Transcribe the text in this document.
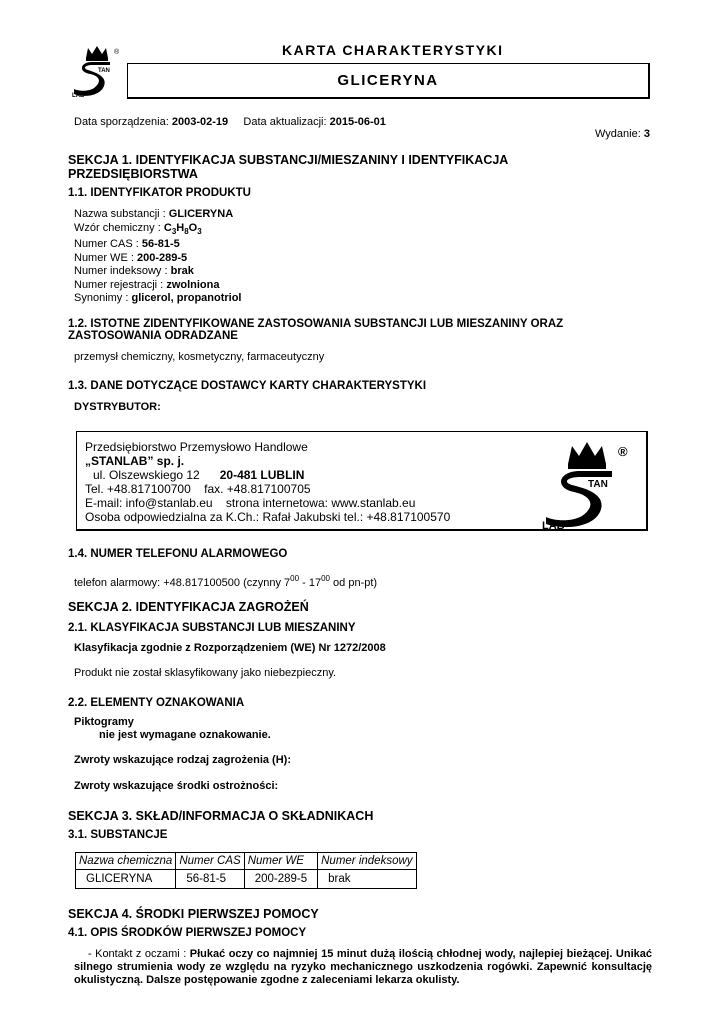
®
TAN
LAB
KARTA CHARAKTERYSTYKI
GLICERYNA
Data sporządzenia: 2003-02-19 Data aktualizacji: 2015-06-01
Wydanie: 3
SEKCJA 1. IDENTYFIKACJA SUBSTANCJI/MIESZANINY I IDENTYFIKACJA
PRZEDSIĘBIORSTWA
1.1. IDENTYFIKATOR PRODUKTU
Nazwa substancji : GLICERYNA
Wzór chemiczny : $C_3H_8O_3$
Numer CAS : 56-81-5
Numer WE : 200-289-5
Numer indeksowy : brak
Numer rejestracji : zwolniona
Synonimy : glicerol, propanotriol
1.2. ISTOTNE ZIDENTYFIKOWANE ZASTOSOWANIA SUBSTANCJI LUB MIESZANINY ORAZ
ZASTOSOWANIA ODRADZANE
przemysł chemiczny, kosmetyczny, farmaceutyczny
1.3. DANE DOTYCZĄCE DOSTAWCY KARTY CHARAKTERYSTYKI
DYSTRYBUTOR:
Przedsiębiorstwo Przemysłowo Handlowe
„STANLAB” sp. j.
ul. Olszewskiego 12 20-481 LUBLIN
Tel. +48.817100700 fax. +48.817100705
E-mail: info@stanlab.eu strona internetowa: www.stanlab.eu
Osoba odpowiedzialna za K.Ch.: Rafał Jakubski tel.: +48.817100570
®
TAN
LAB
1.4. NUMER TELEFONU ALARMOWEGO
telefon alarmowy: +48.817100500 (czynny $7^{00} - 17^{00}$ od pn-pt)
SEKCJA 2. IDENTYFIKACJA ZAGROŻEŃ
2.1. KLASYFIKACJA SUBSTANCJI LUB MIESZANINY
Klasyfikacja zgodnie z Rozporządzeniem (WE) Nr 1272/2008
Produkt nie został sklasyfikowany jako niebezpieczny.
2.2. ELEMENTY OZNAKOWANIA
Piktogramy
nie jest wymagane oznakowanie.
Zwroty wskazujące rodzaj zagrożenia (H):
Zwroty wskazujące środki ostrożności:
SEKCJA 3. SKŁAD/INFORMACJA O SKŁADNIKACH
3.1. SUBSTANCJE
Nazwa chemiczna	Numer CAS	Numer WE	Numer indeksowy
GLICERYNA	56-81-5	200-289-5	brak
SEKCJA 4. ŚRODKI PIERWSZEJ POMOCY
4.1. OPIS ŚRODKÓW PIERWSZEJ POMOCY
- Kontakt z oczami : Płukać oczy co najmniej 15 minut dużą ilością chłodnej wody, najlepiej bieżącej. Unikać silnego strumienia wody ze względu na ryzyko mechanicznego uszkodzenia rogówki. Zapewnić konsultację okulistyczną. Dalsze postępowanie zgodne z zaleceniami lekarza okulisty.
